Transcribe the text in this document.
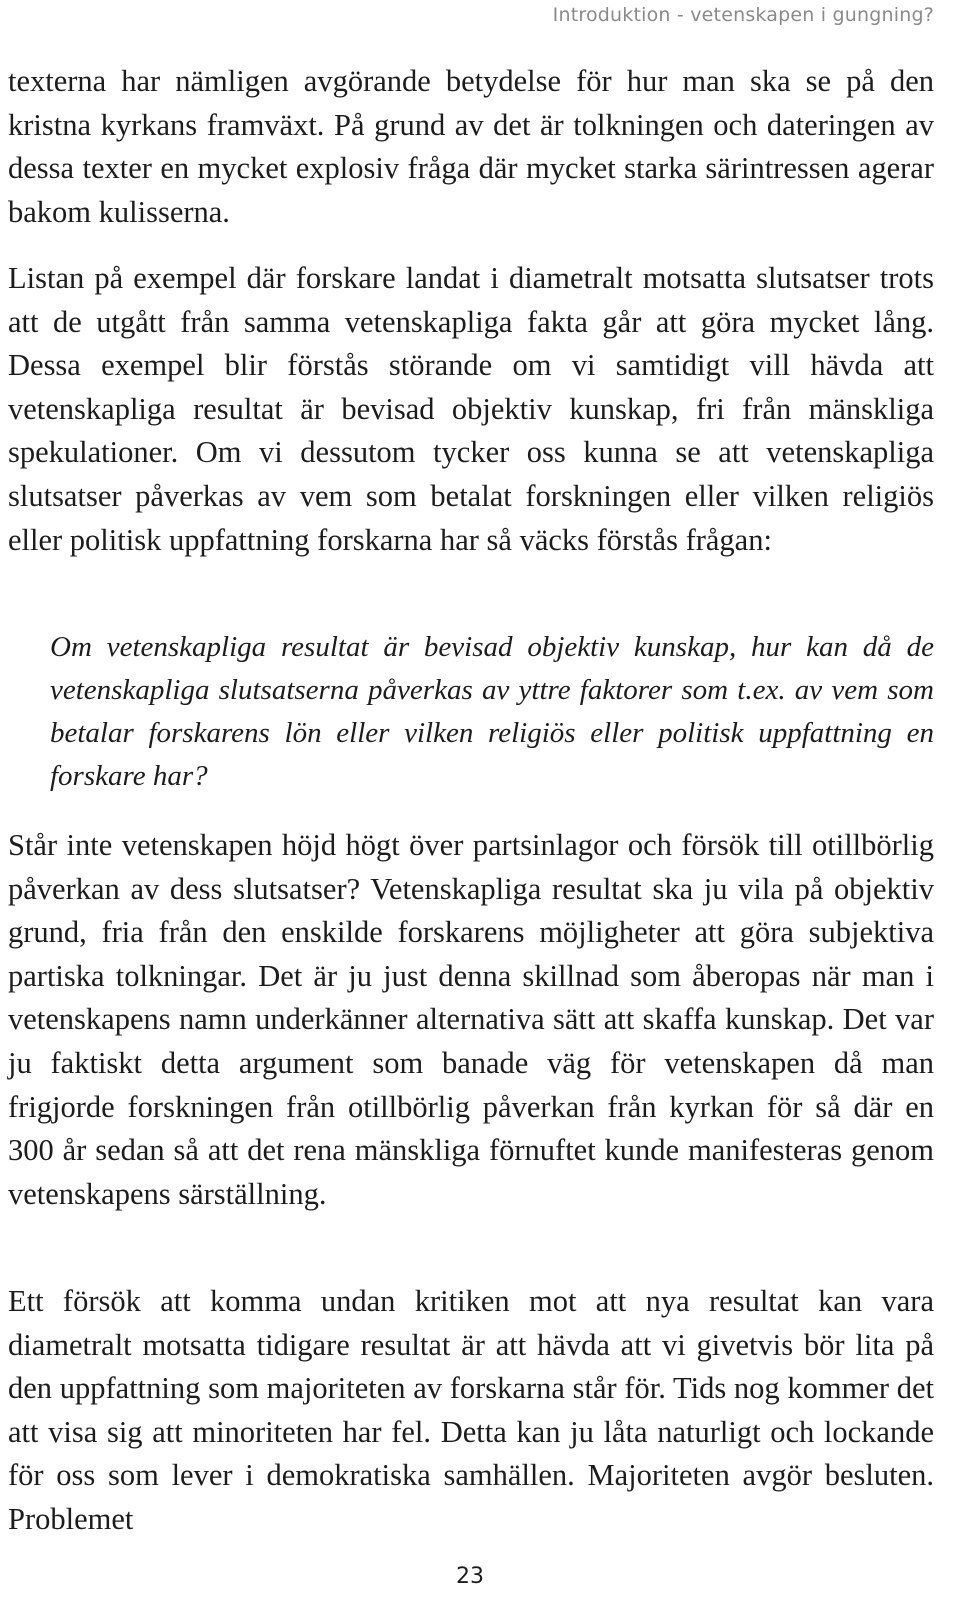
Introduktion - vetenskapen i gungning?

texterna har nämligen avgörande betydelse för hur man ska se på den kristna kyrkans framväxt. På grund av det är tolkningen och dateringen av dessa texter en mycket explosiv fråga där mycket starka särintressen agerar bakom kulisserna.

Listan på exempel där forskare landat i diametralt motsatta slutsatser trots att de utgått från samma vetenskapliga fakta går att göra mycket lång. Dessa exempel blir förstås störande om vi samtidigt vill hävda att vetenskapliga resultat är bevisad objektiv kunskap, fri från mänskliga spekulationer. Om vi dessutom tycker oss kunna se att vetenskapliga slutsatser påverkas av vem som betalat forskningen eller vilken religiös eller politisk uppfattning forskarna har så väcks förstås frågan:

Om vetenskapliga resultat är bevisad objektiv kunskap, hur kan då de vetenskapliga slutsatserna påverkas av yttre faktorer som t.ex. av vem som betalar forskarens lön eller vilken religiös eller politisk uppfattning en forskare har?

Står inte vetenskapen höjd högt över partsinlagor och försök till otillbörlig påverkan av dess slutsatser? Vetenskapliga resultat ska ju vila på objektiv grund, fria från den enskilde forskarens möjligheter att göra subjektiva partiska tolkningar. Det är ju just denna skillnad som åberopas när man i vetenskapens namn underkänner alternativa sätt att skaffa kunskap. Det var ju faktiskt detta argument som banade väg för vetenskapen då man frigjorde forskningen från otillbörlig påverkan från kyrkan för så där en 300 år sedan så att det rena mänskliga förnuftet kunde manifesteras genom vetenskapens särställning.

Ett försök att komma undan kritiken mot att nya resultat kan vara diametralt motsatta tidigare resultat är att hävda att vi givetvis bör lita på den uppfattning som majoriteten av forskarna står för. Tids nog kommer det att visa sig att minoriteten har fel. Detta kan ju låta naturligt och lockande för oss som lever i demokratiska samhällen. Majoriteten avgör besluten. Problemet

23
